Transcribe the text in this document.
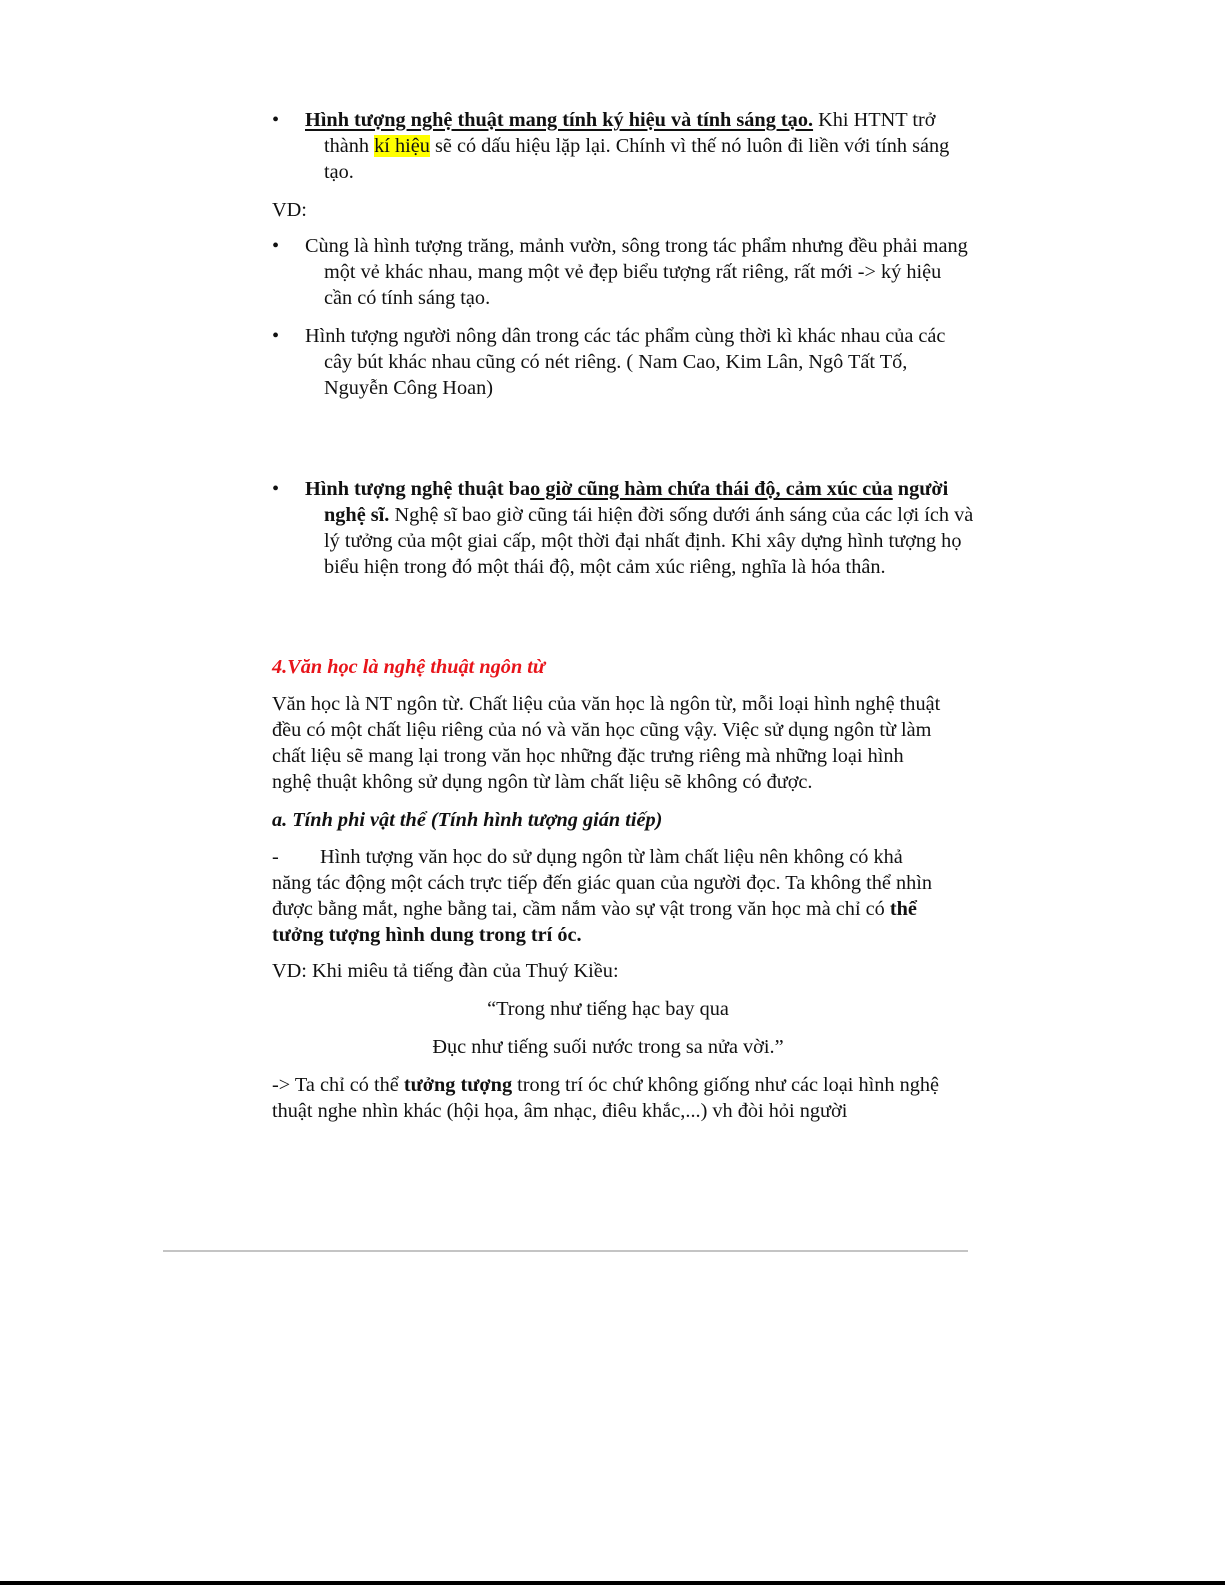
• Hình tượng nghệ thuật mang tính ký hiệu và tính sáng tạo. Khi HTNT trở thành kí hiệu sẽ có dấu hiệu lặp lại. Chính vì thế nó luôn đi liền với tính sáng tạo.

VD:

• Cùng là hình tượng trăng, mảnh vườn, sông trong tác phẩm nhưng đều phải mang một vẻ khác nhau, mang một vẻ đẹp biểu tượng rất riêng, rất mới -> ký hiệu cần có tính sáng tạo.

• Hình tượng người nông dân trong các tác phẩm cùng thời kì khác nhau của các cây bút khác nhau cũng có nét riêng. ( Nam Cao, Kim Lân, Ngô Tất Tố, Nguyễn Công Hoan)

• Hình tượng nghệ thuật bao giờ cũng hàm chứa thái độ, cảm xúc của người nghệ sĩ. Nghệ sĩ bao giờ cũng tái hiện đời sống dưới ánh sáng của các lợi ích và lý tưởng của một giai cấp, một thời đại nhất định. Khi xây dựng hình tượng họ biểu hiện trong đó một thái độ, một cảm xúc riêng, nghĩa là hóa thân.

4.Văn học là nghệ thuật ngôn từ

Văn học là NT ngôn từ. Chất liệu của văn học là ngôn từ, mỗi loại hình nghệ thuật đều có một chất liệu riêng của nó và văn học cũng vậy. Việc sử dụng ngôn từ làm chất liệu sẽ mang lại trong văn học những đặc trưng riêng mà những loại hình nghệ thuật không sử dụng ngôn từ làm chất liệu sẽ không có được.

a. Tính phi vật thể (Tính hình tượng gián tiếp)

- Hình tượng văn học do sử dụng ngôn từ làm chất liệu nên không có khả năng tác động một cách trực tiếp đến giác quan của người đọc. Ta không thể nhìn được bằng mắt, nghe bằng tai, cầm nắm vào sự vật trong văn học mà chỉ có thể tưởng tượng hình dung trong trí óc.

VD: Khi miêu tả tiếng đàn của Thuý Kiều:

“Trong như tiếng hạc bay qua

Đục như tiếng suối nước trong sa nửa vời.”

-> Ta chỉ có thể tưởng tượng trong trí óc chứ không giống như các loại hình nghệ thuật nghe nhìn khác (hội họa, âm nhạc, điêu khắc,...) vh đòi hỏi người
